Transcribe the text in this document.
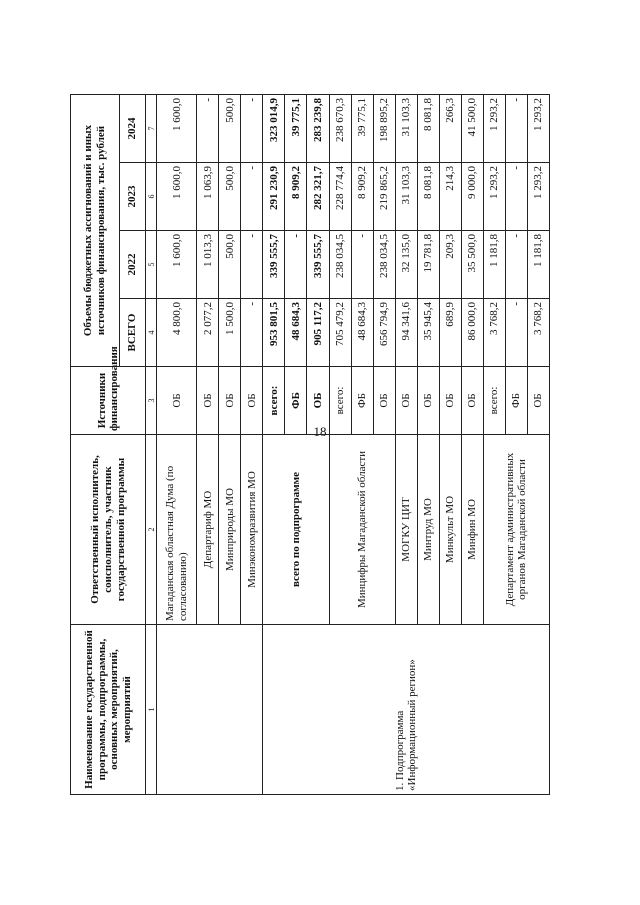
18
Наименование государственной программы, подпрограммы, основных мероприятий, мероприятий	Ответственный исполнитель, соисполнитель, участник государственной программы	Источники финансирования	Объемы бюджетных ассигнований и иных источников финансирования, тыс. рублей			
			ВСЕГО	2022	2023	2024
1	2	3	4	5	6	7
	Магаданская областная Дума (по согласованию)	ОБ	4 800,0	1 600,0	1 600,0	1 600,0
	Департариф МО	ОБ	2 077,2	1 013,3	1 063,9	-
	Минприроды МО	ОБ	1 500,0	500,0	500,0	500,0
	Минэкономразвития МО	ОБ	-	-	-	-
1. Подпрограмма «Информационный регион»	всего по подпрограмме	всего:	953 801,5	339 555,7	291 230,9	323 014,9
		ФБ	48 684,3	-	8 909,2	39 775,1
		ОБ	905 117,2	339 555,7	282 321,7	283 239,8
	Минцифры Магаданской области	всего:	705 479,2	238 034,5	228 774,4	238 670,3
		ФБ	48 684,3	-	8 909,2	39 775,1
		ОБ	656 794,9	238 034,5	219 865,2	198 895,2
	МОГКУ ЦИТ	ОБ	94 341,6	32 135,0	31 103,3	31 103,3
	Минтруд МО	ОБ	35 945,4	19 781,8	8 081,8	8 081,8
	Минкульт МО	ОБ	689,9	209,3	214,3	266,3
	Минфин МО	ОБ	86 000,0	35 500,0	9 000,0	41 500,0
	Департамент административных органов Магаданской области	всего:	3 768,2	1 181,8	1 293,2	1 293,2
		ФБ	-	-	-	-
		ОБ	3 768,2	1 181,8	1 293,2	1 293,2
